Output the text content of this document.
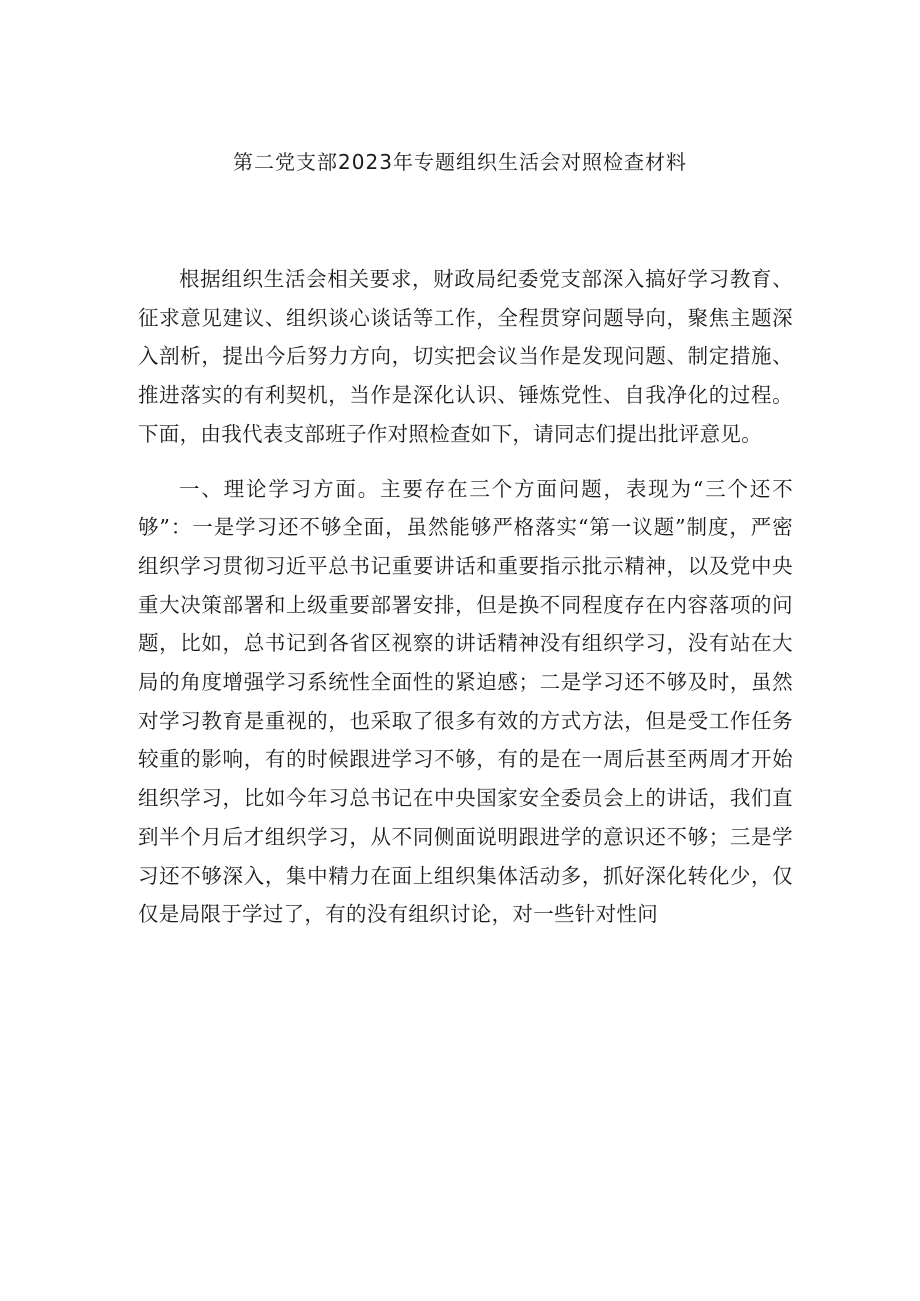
第二党支部2023年专题组织生活会对照检查材料

根据组织生活会相关要求，财政局纪委党支部深入搞好学习教育、征求意见建议、组织谈心谈话等工作，全程贯穿问题导向，聚焦主题深入剖析，提出今后努力方向，切实把会议当作是发现问题、制定措施、推进落实的有利契机，当作是深化认识、锤炼党性、自我净化的过程。下面，由我代表支部班子作对照检查如下，请同志们提出批评意见。

一、理论学习方面。主要存在三个方面问题，表现为“三个还不够”：一是学习还不够全面，虽然能够严格落实“第一议题”制度，严密组织学习贯彻习近平总书记重要讲话和重要指示批示精神，以及党中央重大决策部署和上级重要部署安排，但是换不同程度存在内容落项的问题，比如，总书记到各省区视察的讲话精神没有组织学习，没有站在大局的角度增强学习系统性全面性的紧迫感；二是学习还不够及时，虽然对学习教育是重视的，也采取了很多有效的方式方法，但是受工作任务较重的影响，有的时候跟进学习不够，有的是在一周后甚至两周才开始组织学习，比如今年习总书记在中央国家安全委员会上的讲话，我们直到半个月后才组织学习，从不同侧面说明跟进学的意识还不够；三是学习还不够深入，集中精力在面上组织集体活动多，抓好深化转化少，仅仅是局限于学过了，有的没有组织讨论，对一些针对性问
